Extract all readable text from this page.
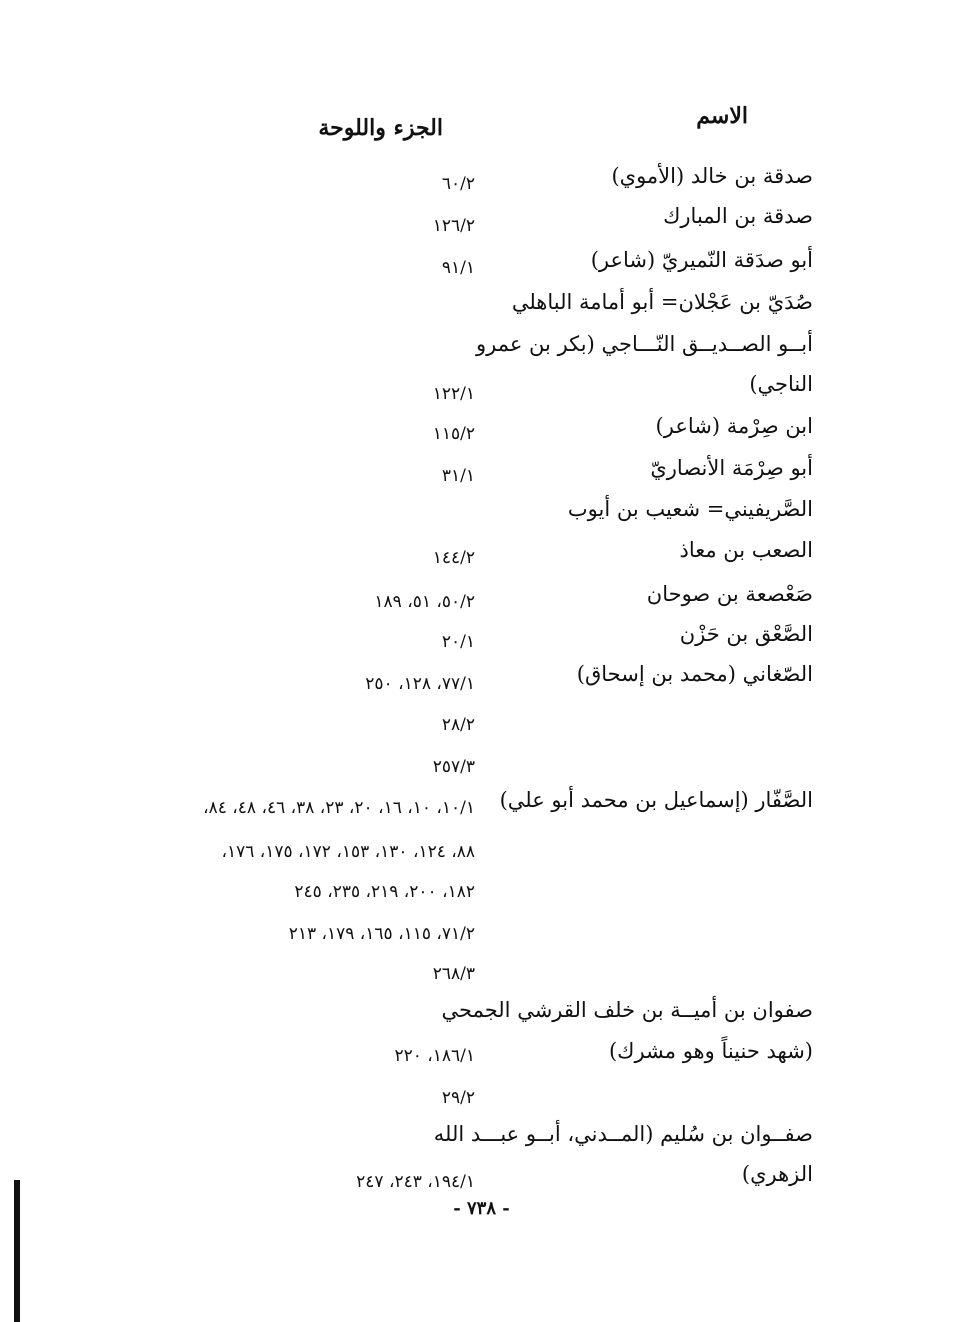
الاسم
الجزء واللوحة
صدقة بن خالد (الأموي)
٦٠/٢
صدقة بن المبارك
١٢٦/٢
أبو صدَقة النّميريّ (شاعر)
٩١/١
صُدَيّ بن عَجْلان= أبو أمامة الباهلي
أبــو الصــديــق النّـــاجي (بكر بن عمرو
الناجي)
١٢٢/١
ابن صِرْمة (شاعر)
١١٥/٢
أبو صِرْمَة الأنصاريّ
٣١/١
الصَّريفيني= شعيب بن أيوب
الصعب بن معاذ
١٤٤/٢
صَعْصعة بن صوحان
٥٠/٢، ٥١، ١٨٩
الصَّعْق بن حَزْن
٢٠/١
الصّغاني (محمد بن إسحاق)
٧٧/١، ١٢٨، ٢٥٠
٢٨/٢
٢٥٧/٣
الصَّفّار (إسماعيل بن محمد أبو علي)
١٠/١، ١٠، ١٦، ٢٠، ٢٣، ٣٨، ٤٦، ٤٨، ٨٤،
٨٨، ١٢٤، ١٣٠، ١٥٣، ١٧٢، ١٧٥، ١٧٦،
١٨٢، ٢٠٠، ٢١٩، ٢٣٥، ٢٤٥
٧١/٢، ١١٥، ١٦٥، ١٧٩، ٢١٣
٢٦٨/٣
صفوان بن أميــة بن خلف القرشي الجمحي
(شهد حنيناً وهو مشرك)
١٨٦/١، ٢٢٠
٢٩/٢
صفــوان بن سُليم (المــدني، أبــو عبـــد الله
الزهري)
١٩٤/١، ٢٤٣، ٢٤٧
- ٧٣٨ -
